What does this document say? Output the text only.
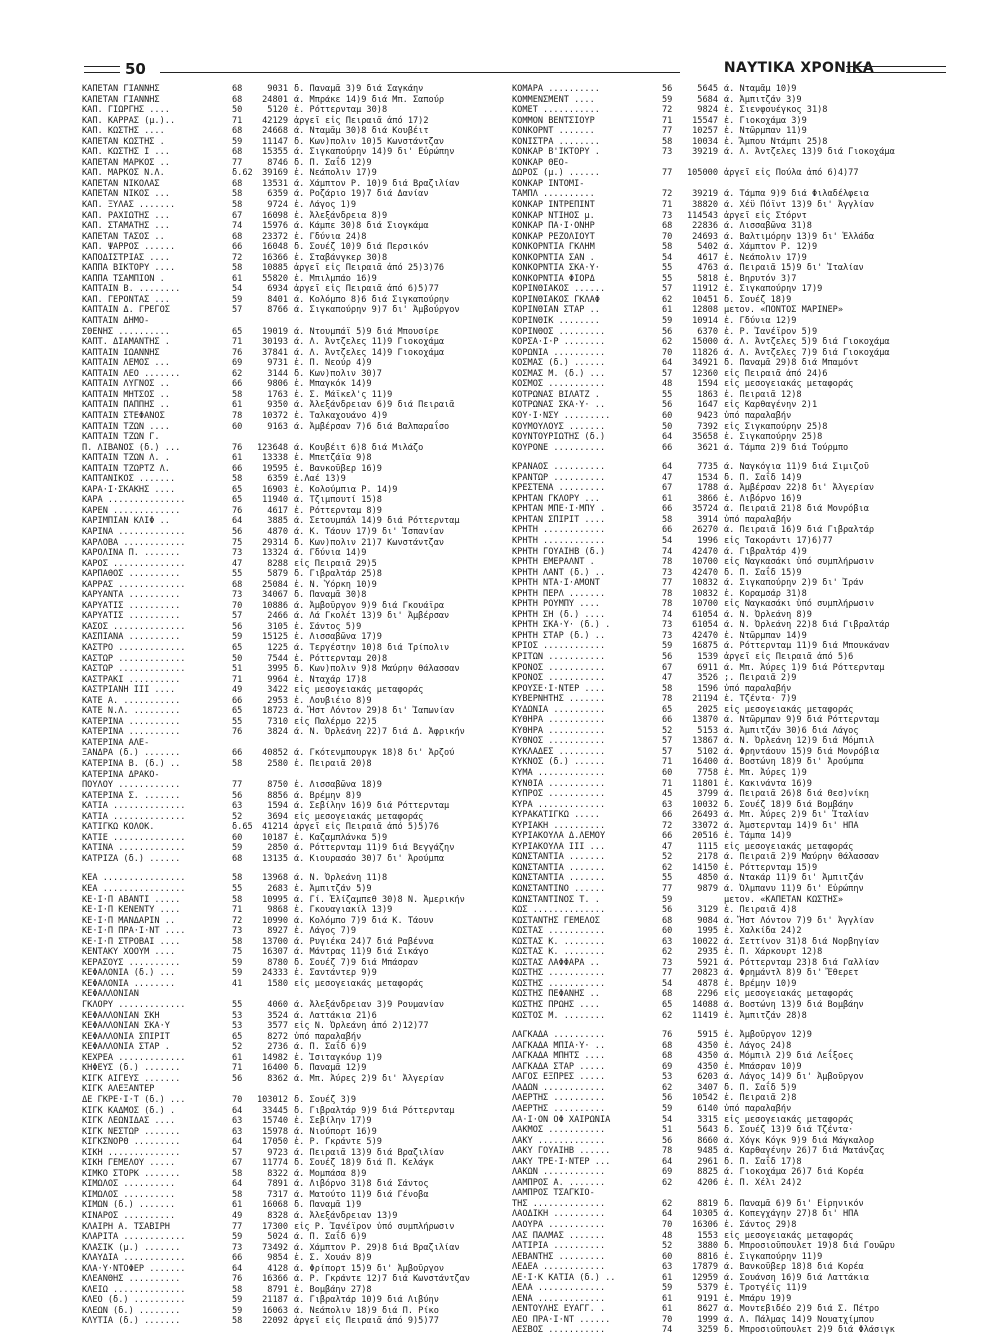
50	ΝΑΥΤΙΚΑ ΧΡΟΝΙΚΑ
ΚΑΠΕΤΑΝ ΓΙΑΝΝΗΣ	68	9031 δ. Παναμᾶ 3)9 διά Σαγκάην
ΚΑΠΕΤΑΝ ΓΙΑΝΝΗΣ	68	24801 ά. Μπράκε 14)9 διά Μπ. Σαπούρ
ΚΑΠ. ΓΙΩΡΓΗΣ ....	50	5120 ἐ. Ρόττερνταμ 30)8
ΚΑΠ. ΚΑΡΡΑΣ (μ.)..	71	42129 ἀργεῖ εἰς Πειραιᾶ ἀπό 17)2
ΚΑΠ. ΚΩΣΤΗΣ ....	68	24668 ά. Νταμᾶμ 30)8 διά Κουβέιτ
ΚΑΠΕΤΑΝ ΚΩΣΤΗΣ .	59	11147 δ. Κων)πολιν 10)5 Κωνστάντζαν
ΚΑΠ. ΚΩΣΤΗΣ Ι ...	68	15355 ά. Σιγκαπούρην 14)9 δι' Εὐρώπην
ΚΑΠΕΤΑΝ ΜΑΡΚΟΣ ..	77	8746 δ. Π. Σαΐδ 12)9
ΚΑΠ. ΜΑΡΚΟΣ Ν.Λ.	δ.62	39169 ἐ. Νεάπολιν 17)9
ΚΑΠΕΤΑΝ ΝΙΚΟΛΑΣ	68	13531 ά. Χάμπτον Ρ. 10)9 διά Βραζιλίαν
ΚΑΠΕΤΑΝ ΝΙΚΟΣ ...	58	6359 ά. Ροζάριο 19)7 διά Δανίαν
ΚΑΠ. ΞΥΛΑΣ .......	58	9724 ἐ. Λάγος 1)9
ΚΑΠ. ΡΑΧΙΩΤΗΣ ...	67	16098 ἐ. Ἀλεξάνδρεια 8)9
ΚΑΠ. ΣΤΑΜΑΤΗΣ ...	74	15976 ά. Κάμπε 30)8 διά Σιογκάμα
ΚΑΠΕΤΑΝ ΤΑΣΟΣ ..	68	23372 ἐ. Γδύνια 24)8
ΚΑΠ. ΨΑΡΡΟΣ ......	66	16048 δ. Σουέζ 10)9 διά Περσικόν
ΚΑΠΟΔΙΣΤΡΙΑΣ ....	72	16366 ἐ. Σταβάνγκερ 30)8
ΚΑΠΠΑ ΒΙΚΤΟΡΥ ....	58	10885 ἀργεῖ εἰς Πειραιᾶ ἀπό 25)3)76
ΚΑΠΠΑ ΤΣΑΜΠΙΟΝ .	61	55820 ἐ. Μπιλμπάο 16)9
ΚΑΠΤΑΙΝ Β. ........	54	6934 ἀργεῖ εἰς Πειραιᾶ ἀπό 6)5)77
ΚΑΠ. ΓΕΡΟΝΤΑΣ ...	59	8401 ά. Κολόμπο 8)6 διά Σιγκαπούρην
ΚΑΠΤΑΙΝ Δ. ΓΡΕΓΟΣ	57	8766 ά. Σιγκαπούρην 9)7 δι' Ἀμβούργον
ΚΑΠΤΑΙΝ ΔΗΜΟ-
ΣΘΕΝΗΣ ..........	65	19019 ά. Ντουμπάϊ 5)9 διά Μπουσίρε
ΚΑΠΤ. ΔΙΑΜΑΝΤΗΣ .	71	30193 ά. Λ. Ἀντζελες 11)9 Γιοκοχάμα
ΚΑΠΤΑΙΝ ΙΩΑΝΝΗΣ	76	37841 ά. Λ. Ἀντζελες 14)9 Γιοκοχάμα
ΚΑΠΤΑΙΝ ΛΕΜΟΣ ...	69	9731 ἐ. Π. Νεούρ 4)9
ΚΑΠΤΑΙΝ ΛΕΟ .......	62	3144 δ. Κων)πολιν 30)7
ΚΑΠΤΑΙΝ ΛΥΓΝΟΣ ..	66	9806 ἐ. Μπαγκόκ 14)9
ΚΑΠΤΑΙΝ ΜΗΤΣΟΣ ..	58	1763 ἐ. Σ. Μάϊκελ'ς 11)9
ΚΑΠΤΑΙΝ ΠΑΠΠΗΣ ..	61	9350 ά. Ἀλεξάνδρειαν 6)9 διά Πειραιᾶ
ΚΑΠΤΑΙΝ ΣΤΕΦΑΝΟΣ	78	10372 ἐ. Ταλκαχουάνο 4)9
ΚΑΠΤΑΙΝ ΤΖΩΝ ....	60	9163 ά. Ἀμβέρσαν 7)6 διά Βαλπαραΐσο
ΚΑΠΤΑΙΝ ΤΖΩΝ Γ.
Π. ΛΙΒΑΝΟΣ (δ.) ...	76	123648 ά. Κουβέιτ 6)8 διά Μιλάζο
ΚΑΠΤΑΙΝ ΤΖΩΝ Λ. .	61	13338 ἐ. Μπετζάϊα 9)8
ΚΑΠΤΑΙΝ ΤΖΩΡΤΖ Λ.	66	19595 ἐ. Βανκοῦβερ 16)9
ΚΑΠΤΑΝΙΚΟΣ .......	58	6359 ἐ.Λαέ 13)9
ΚΑΡΑ·Ι·ΣΚΑΚΗΣ ....	65	16903 ἐ. Κολούμπια Ρ. 14)9
ΚΑΡΑ ...............	65	11940 ά. Τζιμπουτί 15)8
ΚΑΡΕΝ .............	76	4617 ἐ. Ρόττερνταμ 8)9
ΚΑΡΙΜΠΙΑΝ ΚΛΙΦ ..	64	3885 ά. Σετουμπάλ 14)9 διά Ρόττερνταμ
ΚΑΡΙΝΑ .............	56	4870 ά. Κ. Τάουν 17)9 δι' Ἰσπανίαν
ΚΑΡΛΟΒΑ ............	75	29314 δ. Κων)πολιν 21)7 Κωνστάντζαν
ΚΑΡΟΛΙΝΑ Π. .......	73	13324 ά. Γδύνια 14)9
ΚΑΡΟΣ ..............	47	8288 εἰς Πειραιᾶ 29)5
ΚΑΡΠΑΘΟΣ ..........	55	5879 δ. Γιβραλτάρ 25)8
ΚΑΡΡΑΣ .............	68	25084 ἐ. Ν. Ὑόρκη 10)9
ΚΑΡΥΑΝΤΑ ..........	73	34067 δ. Παναμᾶ 30)8
ΚΑΡΥΑΤΙΣ ..........	70	10886 ά. Ἀμβοῦργον 9)9 διά Γκουάϊρα
ΚΑΡΥΑΤΙΣ ..........	57	2466 ά. Λά Γκολέτ 13)9 δι' Ἀμβέρσαν
ΚΑΣΟΣ ..............	56	3105 ἐ. Σάντος 5)9
ΚΑΣΠΙΑΝΑ ..........	59	15125 ἐ. Λισσαβῶνα 17)9
ΚΑΣΤΡΟ .............	65	1225 ά. Τεργέστην 10)8 διά Τρίπολιν
ΚΑΣΤΩΡ .............	50	7544 ἐ. Ρόττερνταμ 20)8
ΚΑΣΤΩΡ .............	51	3995 δ. Κων)πολιν 9)8 Μαύρην θάλασσαν
ΚΑΣΤΡΑΚΙ ..........	71	9964 ἐ. Νταχάρ 17)8
ΚΑΣΤΡΙΑΝΗ ΙΙΙ ....	49	3422 εἰς μεσογειακάς μεταφοράς
ΚΑΤΕ Α. ...........	66	2953 ἐ. Λουβιέιο 8)9
ΚΑΤΕ Ν.Λ. .........	65	18723 ά. Ἤστ Λόντον 29)8 δι' Ἰαπωνίαν
ΚΑΤΕΡΙΝΑ ..........	55	7310 εἰς Παλέρμο 22)5
ΚΑΤΕΡΙΝΑ ..........	76	3824 ά. Ν. Ὀρλεάνη 22)7 διά Δ. Ἀφρικήν
ΚΑΤΕΡΙΝΑ ΑΛΕ-
ΞΑΝΔΡΑ (δ.) .......	66	40852 ά. Γκότενμπουργκ 18)8 δι' Ἀρζού
ΚΑΤΕΡΙΝΑ Β. (δ.) ..	58	2580 ἐ. Πειραιᾶ 20)8
ΚΑΤΕΡΙΝΑ ΔΡΑΚΟ-
ΠΟΥΛΟΥ ............	77	8750 ἐ. Λισσαβῶνα 18)9
ΚΑΤΕΡΙΝΑ Σ. .......	56	8856 ά. Βρέμην 8)9
ΚΑΤΙΑ ..............	63	1594 ά. Σεβίλην 16)9 διά Ρόττερνταμ
ΚΑΤΙΑ ..............	52	3694 εἰς μεσογειακάς μεταφοράς
ΚΑΤΙΓΚΩ ΚΟΛΟΚ.	δ.65	41214 ἀργεῖ εἰς Πειραιᾶ ἀπό 5)5)76
ΚΑΤΙΕ ..............	60	10187 ἐ. Καζαμπλάνκα 5)9
ΚΑΤΙΝΑ .............	59	2850 ά. Ρόττερνταμ 11)9 διά Βεγγάζην
ΚΑΤΡΙΖΑ (δ.) ......	68	13135 ά. Κιουρασάο 30)7 δι' Ἀρούμπα
ΚΕΑ ................	58	13968 ά. Ν. Ὀρλεάνη 11)8
ΚΕΑ ................	55	2683 ἐ. Ἀμπιτζάν 5)9
ΚΕ·Ι·Π ΑΒΑΝΤΙ .....	58	10995 ά. Γί. Ἐλίζαμπεθ 30)8 Ν. Ἀμερικήν
ΚΕ·Ι·Π ΚΕΝΕΝΤΥ ....	71	9868 ἐ. Γκουαγιακίλ 13)9
ΚΕ·Ι·Π ΜΑΝΔΑΡΙΝ ..	72	10990 ά. Κολόμπο 7)9 διά Κ. Τάουν
ΚΕ·Ι·Π ΠΡΑ·Ι·ΝΤ ....	73	8927 ἐ. Λάγος 7)9
ΚΕ·Ι·Π ΣΤΡΟΒΑΙ ....	58	13700 ά. Ρυγιέκα 24)7 διά Ραβέννα
ΚΕΝΤΑΚΥ ΧΟΟΥΜ ....	75	16307 ά. Μάντρας 11)9 διά Σικάγο
ΚΕΡΑΣΟΥΣ ..........	59	8780 δ. Σουέζ 7)9 διά Μπάσραν
ΚΕΦΑΛΟΝΙΑ (δ.) ...	59	24333 ἐ. Σαντάντερ 9)9
ΚΕΦΑΛΟΝΙΑ ........	41	1580 εἰς μεσογειακάς μεταφοράς
ΚΕΦΑΛΛΟΝΙΑΝ
ΓΚΛΟΡΥ .............	55	4060 ά. Ἀλεξάνδρειαν 3)9 Ρουμανίαν
ΚΕΦΑΛΛΟΝΙΑΝ ΣΚΗ	53	3524 ά. Λαττάκια 21)6
ΚΕΦΑΛΛΟΝΙΑΝ ΣΚΑ·Υ	53	3577 εἰς Ν. Ὀρλεάνη ἀπό 2)12)77
ΚΕΦΑΛΛΟΝΙΑ ΣΠΙΡΙΤ	65	8272 ὑπό παραλαβήν
ΚΕΦΑΛΛΟΝΙΑ ΣΤΑΡ .	52	2736 ά. Π. Σαΐδ 6)9
ΚΕΧΡΕΑ .............	61	14982 ἐ. Ἰσιταγκόυρ 1)9
ΚΗΦΕΥΣ (δ.) .......	71	16400 δ. Παναμᾶ 12)9
ΚΙΓΚ ΑΙΓΕΥΣ .......	56	8362 ά. Μπ. Ἀύρες 2)9 δι' Ἀλγερίαν
ΚΙΓΚ ΑΛΕΞΑΝΤΕΡ
ΔΕ ΓΚΡΕ·Ι·Τ (δ.) ...	70	103012 δ. Σουέζ 3)9
ΚΙΓΚ ΚΑΔΜΟΣ (δ.) .	64	33445 δ. Γιβραλτάρ 9)9 διά Ρόττερνταμ
ΚΙΓΚ ΛΕΩΝΙΔΑΣ ....	63	15740 ἐ. Σεβίλην 17)9
ΚΙΓΚ ΝΕΣΤΩΡ .......	63	15978 ά. Νιούπορτ 16)9
ΚΙΓΚΣΝΟΡΘ .........	64	17050 ἐ. Ρ. Γκράντε 5)9
ΚΙΚΗ ..............	57	9723 ά. Πειραιᾶ 13)9 διά Βραζιλίαν
ΚΙΚΗ ΓΕΜΕΛΟΥ .....	67	11774 δ. Σουέζ 18)9 διά Π. Κελάγκ
ΚΙΜΚΟ ΣΤΟΡΚ .......	58	8322 ά. Μομπάσα 8)9
ΚΙΜΩΛΟΣ ..........	64	7891 ά. Λιβόρνο 31)8 διά Σάντος
ΚΙΜΩΛΟΣ ..........	58	7317 ά. Ματούτο 11)9 διά Γένοβα
ΚΙΜΩΝ (δ.) .......	61	16068 δ. Παναμᾶ 1)9
ΚΙΝΑΡΟΣ ..........	49	8328 ά. Ἀλεξάνδρειαν 13)9
ΚΛΑΙΡΗ Α. ΤΣΑΒΙΡΗ	77	17300 εἰς Ρ. Ἰανέϊρον ὑπό συμπλήρωσιν
ΚΛΑΡΙΤΑ ............	59	5024 ά. Π. Σαΐδ 6)9
ΚΛΑΣΙΚ (μ.) .......	73	73492 ά. Χάμπτον Ρ. 29)8 διά Βραζιλίαν
ΚΛΑΥΔΙΑ ............	66	9854 ἐ. Σ. Χουάν 8)9
ΚΛΑ·Υ·ΝΤΟΦΕΡ .......	64	4128 ά. Φρίπορτ 15)9 δι' Ἀμβοῦργον
ΚΛΕΑΝΘΗΣ ..........	76	16366 ά. Ρ. Γκράντε 12)7 διά Κωνστάντζαν
ΚΛΕΙΩ ..............	58	8791 ἐ. Βομβάην 27)8
ΚΛΕΟ (δ.) ..........	59	21187 ά. Γιβραλτάρ 10)9 διά Λιβύην
ΚΛΕΩΝ (δ.) ........	59	16063 ά. Νεάπολιν 18)9 διά Π. Ρίκο
ΚΛΥΤΙΑ (δ.) .......	58	22092 ἀργεῖ εἰς Πειραιᾶ ἀπό 9)5)77
ΚΟΜΑΡΑ ..........	56	5645 ά. Νταμᾶμ 10)9
ΚΟΜΜΕΝΣΜΕΝΤ ....	59	5684 ά. Ἀμπιτζάν 3)9
ΚΟΜΕΤ ...........	72	9824 ἐ. Σιενφουέγκος 31)8
ΚΟΜΜΟΝ ΒΕΝΤΣΙΟΥΡ	71	15547 ἐ. Γιοκοχάμα 3)9
ΚΟΝΚΟΡΝΤ .......	77	10257 ἐ. Ντῶρμπαν 11)9
ΚΟΝΙΣΤΡΑ ........	58	10034 ἐ. Ἄμπου Ντάμπι 25)8
ΚΟΝΚΑΡ Β'ΙΚΤΟΡΥ .	73	39219 ά. Λ. Ἀντζελες 13)9 διά Γιοκοχάμα
ΚΟΝΚΑΡ ΘΕΟ-
ΔΩΡΟΣ (μ.) ......	77	105000 ἀργεῖ εἰς Πούλα ἀπό 6)4)77
ΚΟΝΚΑΡ ΙΝΤΟΜΙ-
ΤΑΜΠΛ ..........	72	39219 ά. Τάμπα 9)9 διά Φιλαδέλφεια
ΚΟΝΚΑΡ ΙΝΤΡΕΠΙΝΤ	71	38820 ά. Χέϋ Πόϊντ 13)9 δι' Ἀγγλίαν
ΚΟΝΚΑΡ ΝΤΙΗΟΣ μ.	73	114543 ἀργεῖ εἰς Στόρντ
ΚΟΝΚΑΡ ΠΑ·Ι·ΟΝΗΡ	68	22836 ά. Λισσαβῶνα 31)8
ΚΟΝΚΑΡ ΡΕΖΟΛΙΟΥΤ	70	24693 ά. Βαλτιμόρην 13)9 δι' Ἑλλάδα
ΚΟΝΚΟΡΝΤΙΑ ΓΚΛΗΜ	58	5402 ά. Χάμπτον Ρ. 12)9
ΚΟΝΚΟΡΝΤΙΑ ΣΑΝ .	54	4617 ἐ. Νεάπολιν 17)9
ΚΟΝΚΟΡΝΤΙΑ ΣΚΑ·Υ·	55	4763 ά. Πειραιᾶ 15)9 δι' Ἰταλίαν
ΚΟΝΚΟΡΝΤΙΑ ΦΙΟΡΔ	55	5818 ἐ. Βηρυτόν 3)7
ΚΟΡΙΝΘΙΑΚΟΣ ......	57	11912 ἐ. Σιγκαπούρην 17)9
ΚΟΡΙΝΘΙΑΚΟΣ ΓΚΛΑΦ	62	10451 δ. Σουέζ 18)9
ΚΟΡΙΝΘΙΑΝ ΣΤΑΡ ..	61	12808 μετον. «ΠΟΝΤΟΣ ΜΑΡΙΝΕΡ»
ΚΟΡΙΝΘΙΚ ........	59	10914 ἐ. Γδύνια 12)9
ΚΟΡΙΝΘΟΣ .........	56	6370 ἐ. Ρ. Ἰανέϊρον 5)9
ΚΟΡΣΑ·Ι·Ρ ........	62	15000 ά. Λ. Ἀντζελες 5)9 διά Γιοκοχάμα
ΚΟΡΩΝΙΑ ..........	70	11826 ά. Λ. Ἀντζελες 7)9 διά Γιοκοχάμα
ΚΟΣΜΑΣ (δ.) ......	64	34921 δ. Παναμᾶ 29)8 διά Μπαμόντ
ΚΟΣΜΑΣ Μ. (δ.) ...	57	12360 εἰς Πειραιᾶ ἀπό 24)6
ΚΟΣΜΟΣ ...........	48	1594 εἰς μεσογειακάς μεταφοράς
ΚΟΤΡΩΝΑΣ ΒΙΛΑΤΖ .	55	1863 ἐ. Πειραιᾶ 12)8
ΚΟΤΡΩΝΑΣ ΣΚΑ·Υ· ..	56	1647 εἰς Καρθαγένην 2)1
ΚΟΥ·Ι·ΝΣΥ .........	60	9423 ὑπό παραλαβήν
ΚΟΥΜΟΥΛΟΥΣ .......	50	7392 εἰς Σιγκαπούρην 25)8
ΚΟΥΝΤΟΥΡΙΩΤΗΣ (δ.)	64	35658 ἐ. Σιγκαπούρην 25)8
ΚΟΥΡΟΝΕ ..........	66	3621 ά. Τάμπα 2)9 διά Τούρμπο
ΚΡΑΝΑΟΣ ..........	64	7735 ά. Ναγκόγια 11)9 διά Σιμιζοῦ
ΚΡΑΝΤΩΡ ..........	47	1534 δ. Π. Σαΐδ 14)9
ΚΡΕΣΤΕΝΑ .........	67	1788 ά. Ἀμβέρσαν 22)8 δι' Ἀλγερίαν
ΚΡΗΤΑΝ ΓΚΛΟΡΥ ...	61	3866 ἐ. Λιβόρνο 16)9
ΚΡΗΤΑΝ ΜΠΕ·Ι·ΜΠΥ .	66	35724 ά. Πειραιᾶ 21)8 διά Μονρόβια
ΚΡΗΤΑΝ ΣΠΙΡΙΤ ....	58	3914 ὑπό παραλαβήν
ΚΡΗΤΗ ............	66	26270 ά. Πειραιᾶ 16)9 διά Γιβραλτάρ
ΚΡΗΤΗ ............	54	1996 εἰς Τακοράντι 17)6)77
ΚΡΗΤΗ ΓΟΥΑΙΗΒ (δ.)	74	42470 ά. Γιβραλτάρ 4)9
ΚΡΗΤΗ ΕΜΕΡΑΛΝΤ .	78	10700 εἰς Ναγκασάκι ὑπό συμπλήρωσιν
ΚΡΗΤΗ ΛΑΝΤ (δ.) ..	73	42470 δ. Π. Σαΐδ 15)9
ΚΡΗΤΗ ΝΤΑ·Ι·ΑΜΟΝΤ	77	10832 ά. Σιγκαπούρην 2)9 δι' Ἰράν
ΚΡΗΤΗ ΠΕΡΛ .......	78	10832 ἐ. Κοραμσάρ 31)8
ΚΡΗΤΗ ΡΟΥΜΠΥ ....	78	10700 εἰς Ναγκασάκι ὑπό συμπλήρωσιν
ΚΡΗΤΗ ΣΗ (δ.) ....	74	61054 ά. Ν. Ὀρλεάνη 8)9
ΚΡΗΤΗ ΣΚΑ·Υ· (δ.) .	73	61054 ά. Ν. Ὀρλεάνη 22)8 διά Γιβραλτάρ
ΚΡΗΤΗ ΣΤΑΡ (δ.) ..	73	42470 ἐ. Ντῶρμπαν 14)9
ΚΡΙΟΣ ............	59	16875 ά. Ρόττερνταμ 11)9 διά Μπουκάναν
ΚΡΙΤΩΝ ...........	56	1539 ἀργεῖ εἰς Πειραιᾶ ἀπό 5)6
ΚΡΟΝΟΣ ...........	67	6911 ά. Μπ. Ἀύρες 1)9 διά Ρόττερνταμ
ΚΡΟΝΟΣ ...........	47	3526 ;. Πειραιᾶ 2)9
ΚΡΟΥΣΕ·Ι·ΝΤΕΡ ....	58	1596 ὑπό παραλαβήν
ΚΥΒΕΡΝΗΤΗΣ .......	78	21194 ἐ. Τζέντα· 7)9
ΚΥΔΩΝΙΑ ..........	65	2025 εἰς μεσογειακάς μεταφοράς
ΚΥΘΗΡΑ ...........	66	13870 ά. Ντῶρμπαν 9)9 διά Ρόττερνταμ
ΚΥΘΗΡΑ ...........	52	5153 ά. Ἀμπιτζάν 30)6 διά Λάγος
ΚΥΘΝΟΣ ...........	57	13867 ά. Ν. Ὀρλεάνη 12)9 διά Μόμπιλ
ΚΥΚΛΑΔΕΣ .........	57	5102 ά. Φρηντάουν 15)9 διά Μονρόβια
ΚΥΚΝΟΣ (δ.) ......	71	16400 ά. Βοστώνη 18)9 δι' Ἀρούμπα
ΚΥΜΑ .............	60	7758 ἐ. Μπ. Ἀύρες 1)9
ΚΥΝΘΙΑ ...........	71	11801 ἐ. Κακινάντα 16)9
ΚΥΠΡΟΣ ...........	45	3799 ά. Πειραιᾶ 26)8 διά Θεσ)νίκη
ΚΥΡΑ .............	63	10032 δ. Σουέζ 18)9 διά Βομβάην
ΚΥΡΑΚΑΤΙΓΚΩ .....	66	26493 ά. Μπ. Ἀύρες 2)9 δι' Ἰταλίαν
ΚΥΡΙΑΚΗ ..........	72	33072 ά. Ἀμστερνταμ 14)9 δι' ΗΠΑ
ΚΥΡΙΑΚΟΥΛΑ Δ.ΛΕΜΟΥ	66	20516 ἐ. Τάμπα 14)9
ΚΥΡΙΑΚΟΥΛΑ ΙΙΙ ...	47	1115 εἰς μεσογειακάς μεταφοράς
ΚΩΝΣΤΑΝΤΙΑ .......	52	2178 ά. Πειραιᾶ 2)9 Μαύρην θάλασσαν
ΚΩΝΣΤΑΝΤΙΑ .......	62	14150 ἐ. Ρόττερνταμ 15)9
ΚΩΝΣΤΑΝΤΙΑ .......	55	4850 ά. Ντακάρ 11)9 δι' Ἀμπιτζάν
ΚΩΝΣΤΑΝΤΙΝΟ ......	77	9879 ά. Ὀλμπανυ 11)9 δι' Εὐρώπην
ΚΩΝΣΤΑΝΤΙΝΟΣ Τ. .	59	μετον. «ΚΑΠΕΤΑΝ ΚΩΣΤΗΣ»
ΚΩΣ ..............	56	3129 ἐ. Πειραιᾶ 4)8
ΚΩΣΤΑΝΤΗΣ ΓΕΜΕΛΟΣ	68	9084 ά. Ἤστ Λόντον 7)9 δι' Ἀγγλίαν
ΚΩΣΤΑΣ ...........	60	1995 ἐ. Χαλκίδα 24)2
ΚΩΣΤΑΣ Κ. ........	63	10022 ά. Σεττίνον 31)8 διά Νορβηγίαν
ΚΩΣΤΑΣ Κ. ........	62	2935 ἐ. Π. Χάρκουρτ 12)8
ΚΩΣΤΑΣ ΛΑΦΦΑΡΑ ..	73	5921 ά. Ρόττερνταμ 23)8 διά Γαλλίαν
ΚΩΣΤΗΣ ...........	77	20823 ά. Φρημάντλ 8)9 δι' Ἔθερετ
ΚΩΣΤΗΣ ...........	54	4878 ἐ. Βρέμην 10)9
ΚΩΣΤΗΣ ΠΕΦΑΝΗΣ ..	68	2296 εἰς μεσογειακάς μεταφοράς
ΚΩΣΤΗΣ ΠΡΩΗΣ ....	65	14088 ά. Βοστώνη 13)9 διά Βομβάην
ΚΩΣΤΟΣ Μ. ........	62	11419 ἐ. Ἀμπιτζάν 28)8
ΛΑΓΚΑΔΑ ..........	76	5915 ἐ. Ἀμβοῦργον 12)9
ΛΑΓΚΑΔΑ ΜΠΙΑ·Υ· ..	68	4350 ἐ. Λάγος 24)8
ΛΑΓΚΑΔΑ ΜΠΗΤΣ ....	68	4350 ά. Μόμπιλ 2)9 διά Λεΐξοες
ΛΑΓΚΑΔΑ ΣΤΑΡ .....	69	4350 ἐ. Μπάσραν 10)9
ΛΑΓΟΣ ΕΞΠΡΕΣ .....	53	6203 ά. Λάγος 14)9 δι' Ἀμβοῦργον
ΛΑΔΩΝ ............	62	3407 δ. Π. Σαΐδ 5)9
ΛΑΕΡΤΗΣ ..........	56	10542 ἐ. Πειραιᾶ 2)8
ΛΑΕΡΤΗΣ ..........	59	6140 ὑπό παραλαβήν
ΛΑ·Ι·ΟΝ ΟΦ ΧΑΙΡΩΝΙΑ	54	3315 εἰς μεσογειακάς μεταφοράς
ΛΑΚΜΟΣ ...........	51	5643 δ. Σουέζ 13)9 διά Τζέντα·
ΛΑΚΥ .............	56	8660 ά. Χόγκ Κόγκ 9)9 διά Μάγκαλορ
ΛΑΚΥ ΓΟΥΑΙΗΒ ......	78	9485 ά. Καρθαγένην 26)7 διά Ματάνζας
ΛΑΚΥ ΤΡΕ·Ι·ΝΤΕΡ ...	64	2961 δ. Π. Σαΐδ 17)8
ΛΑΚΩΝ ............	69	8825 ά. Γιοκοχάμα 26)7 διά Κορέα
ΛΑΜΠΡΟΣ Α. .......	62	4206 ἐ. Π. Χέλι 24)2
ΛΑΜΠΡΟΣ ΤΣΑΓΚΙΟ-
ΤΗΣ ..............	62	8819 δ. Παναμᾶ 6)9 δι' Εἰρηνικόν
ΛΑΟΔΙΚΗ ..........	64	10305 ά. Κοπεγχάγην 27)8 δι' ΗΠΑ
ΛΑΟΥΡΑ ...........	70	16306 ἐ. Σάντος 29)8
ΛΑΣ ΠΑΛΜΑΣ .......	48	1553 εἰς μεσογειακάς μεταφοράς
ΛΑΤΙΡΙΑ ..........	52	3880 δ. Μπροσιοῦπουλετ 19)8 διά Γουῶρυ
ΛΕΒΑΝΤΗΣ .........	60	8816 ἐ. Σιγκαπούρην 11)9
ΛΕΔΕΑ ............	63	17879 ά. Βανκοῦβερ 18)8 διά Κορέα
ΛΕ·Ι·Κ ΚΑΤΙΑ (δ.) ..	61	12959 ά. Σουάνση 16)9 διά Λαττάκια
ΛΕΛΑ .............	59	5379 ἐ. Τροτγέϊς 11)9
ΛΕΝΑ .............	61	9191 ἐ. Μπάρυ 19)9
ΛΕΝΤΟΥΛΗΣ ΕΥΑΓΓ. .	61	8627 ά. Μοντεβιδέο 2)9 διά Σ. Πέτρο
ΛΕΟ ΠΡΑ·Ι·ΝΤ ......	70	1999 ά. Λ. Πάλμας 14)9 Νουατχίμπου
ΛΕΣΒΟΣ ...........	74	3259 δ. Μπροσιοῦπουλετ 2)9 διά Φλάσιγκ
